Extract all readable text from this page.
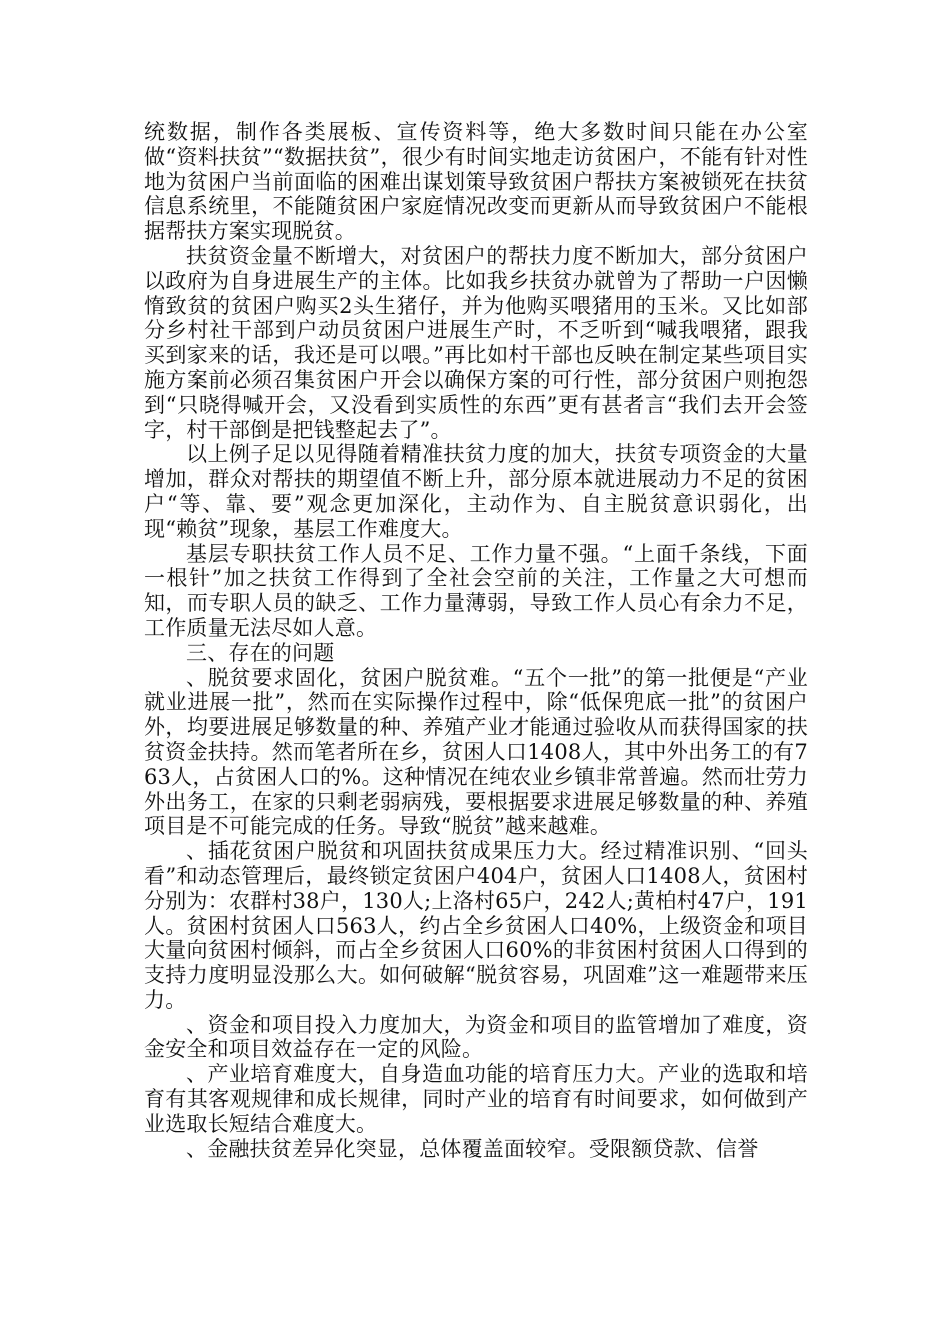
统数据，制作各类展板、宣传资料等，绝大多数时间只能在办公室做“资料扶贫”“数据扶贫”，很少有时间实地走访贫困户，不能有针对性地为贫困户当前面临的困难出谋划策导致贫困户帮扶方案被锁死在扶贫信息系统里，不能随贫困户家庭情况改变而更新从而导致贫困户不能根据帮扶方案实现脱贫。

扶贫资金量不断增大，对贫困户的帮扶力度不断加大，部分贫困户以政府为自身进展生产的主体。比如我乡扶贫办就曾为了帮助一户因懒惰致贫的贫困户购买2头生猪仔，并为他购买喂猪用的玉米。又比如部分乡村社干部到户动员贫困户进展生产时，不乏听到“喊我喂猪，跟我买到家来的话，我还是可以喂。”再比如村干部也反映在制定某些项目实施方案前必须召集贫困户开会以确保方案的可行性，部分贫困户则抱怨到“只晓得喊开会，又没看到实质性的东西”更有甚者言“我们去开会签字，村干部倒是把钱整起去了”。

以上例子足以见得随着精准扶贫力度的加大，扶贫专项资金的大量增加，群众对帮扶的期望值不断上升，部分原本就进展动力不足的贫困户“等、靠、要”观念更加深化，主动作为、自主脱贫意识弱化，出现“赖贫”现象，基层工作难度大。

基层专职扶贫工作人员不足、工作力量不强。“上面千条线，下面一根针”加之扶贫工作得到了全社会空前的关注，工作量之大可想而知，而专职人员的缺乏、工作力量薄弱，导致工作人员心有余力不足，工作质量无法尽如人意。

三、存在的问题

、脱贫要求固化，贫困户脱贫难。“五个一批”的第一批便是“产业就业进展一批”，然而在实际操作过程中，除“低保兜底一批”的贫困户外，均要进展足够数量的种、养殖产业才能通过验收从而获得国家的扶贫资金扶持。然而笔者所在乡，贫困人口1408人，其中外出务工的有763人，占贫困人口的%。这种情况在纯农业乡镇非常普遍。然而壮劳力外出务工，在家的只剩老弱病残，要根据要求进展足够数量的种、养殖项目是不可能完成的任务。导致“脱贫”越来越难。

、插花贫困户脱贫和巩固扶贫成果压力大。经过精准识别、“回头看”和动态管理后，最终锁定贫困户404户，贫困人口1408人，贫困村分别为：农群村38户，130人;上洛村65户，242人;黄柏村47户，191人。贫困村贫困人口563人，约占全乡贫困人口40%，上级资金和项目大量向贫困村倾斜，而占全乡贫困人口60%的非贫困村贫困人口得到的支持力度明显没那么大。如何破解“脱贫容易，巩固难”这一难题带来压力。

、资金和项目投入力度加大，为资金和项目的监管增加了难度，资金安全和项目效益存在一定的风险。

、产业培育难度大，自身造血功能的培育压力大。产业的选取和培育有其客观规律和成长规律，同时产业的培育有时间要求，如何做到产业选取长短结合难度大。

、金融扶贫差异化突显，总体覆盖面较窄。受限额贷款、信誉
